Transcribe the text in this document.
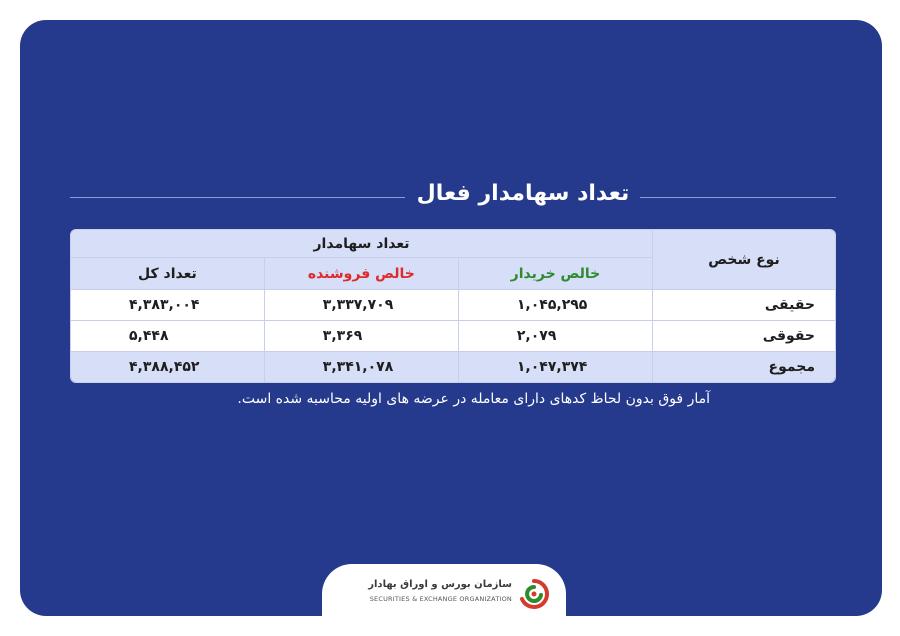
تعداد سهامدار فعال
نوع شخص	تعداد سهامدار		
	خالص خریدار	خالص فروشنده	تعداد کل
حقیقی	۱,۰۴۵,۲۹۵	۳,۳۳۷,۷۰۹	۴,۳۸۳,۰۰۴
حقوقی	۲,۰۷۹	۳,۳۶۹	۵,۴۴۸
مجموع	۱,۰۴۷,۳۷۴	۳,۳۴۱,۰۷۸	۴,۳۸۸,۴۵۲
آمار فوق بدون لحاظ کدهای دارای معامله در عرضه های اولیه محاسبه شده است.
سازمان بورس و اوراق بهادار
SECURITIES & EXCHANGE ORGANIZATION
